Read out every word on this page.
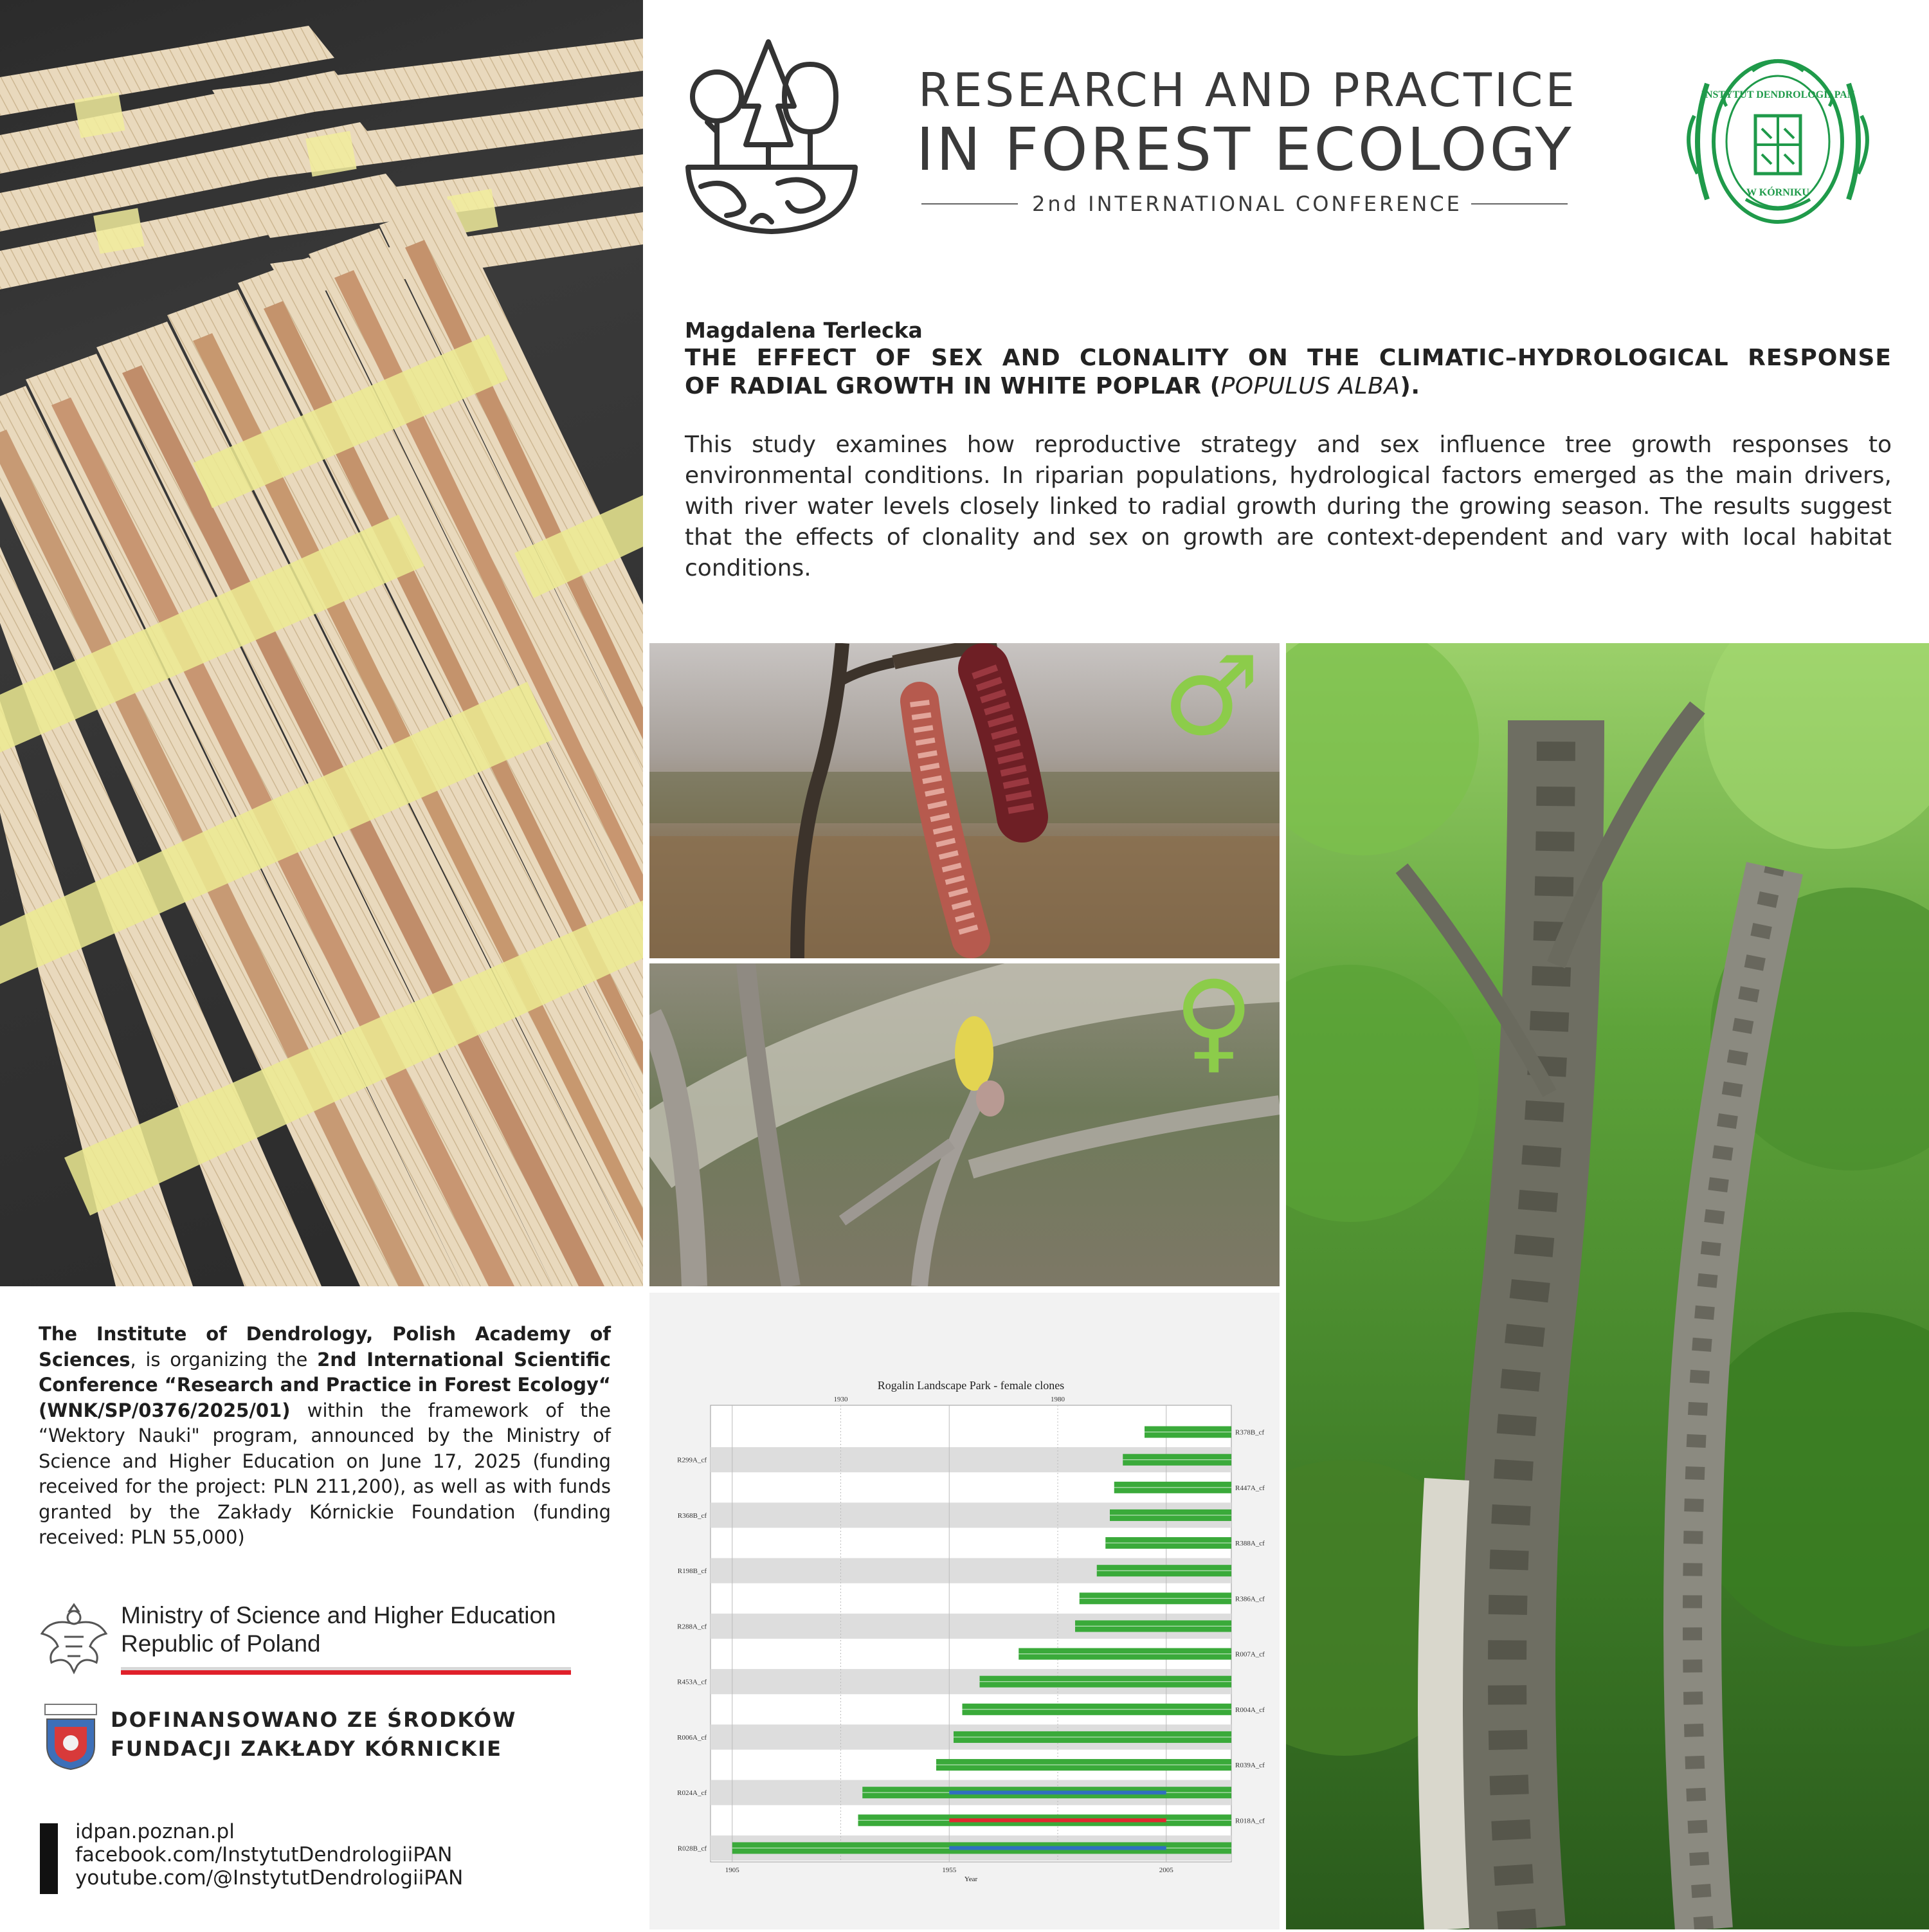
RESEARCH AND PRACTICE
IN FOREST ECOLOGY
2nd INTERNATIONAL CONFERENCE
INSTYTUT DENDROLOGII PAN
W KÓRNIKU
Magdalena Terlecka
THE EFFECT OF SEX AND CLONALITY ON THE CLIMATIC–HYDROLOGICAL RESPONSE
OF RADIAL GROWTH IN WHITE POPLAR (POPULUS ALBA).
This study examines how reproductive strategy and sex influence tree growth responses to environmental conditions. In riparian populations, hydrological factors emerged as the main drivers, with river water levels closely linked to radial growth during the growing season. The results suggest that the effects of clonality and sex on growth are context-dependent and vary with local habitat conditions.
♂
♀
Rogalin Landscape Park - female clones
Year
R378B_cf
R299A_cf
R447A_cf
R368B_cf
R388A_cf
R198B_cf
R386A_cf
R288A_cf
R007A_cf
R453A_cf
R004A_cf
R006A_cf
R039A_cf
R024A_cf
R018A_cf
R028B_cf
1930	1980
1905	1955	2005
The Institute of Dendrology, Polish Academy of Sciences, is organizing the 2nd International Scientific Conference “Research and Practice in Forest Ecology“ (WNK/SP/0376/2025/01) within the framework of the “Wektory Nauki" program, announced by the Ministry of Science and Higher Education on June 17, 2025 (funding received for the project: PLN 211,200), as well as with funds granted by the Zakłady Kórnickie Foundation (funding received: PLN 55,000)
Ministry of Science and Higher Education
Republic of Poland
DOFINANSOWANO ZE ŚRODKÓW
FUNDACJI ZAKŁADY KÓRNICKIE
idpan.poznan.pl
facebook.com/InstytutDendrologiiPAN
youtube.com/@InstytutDendrologiiPAN
